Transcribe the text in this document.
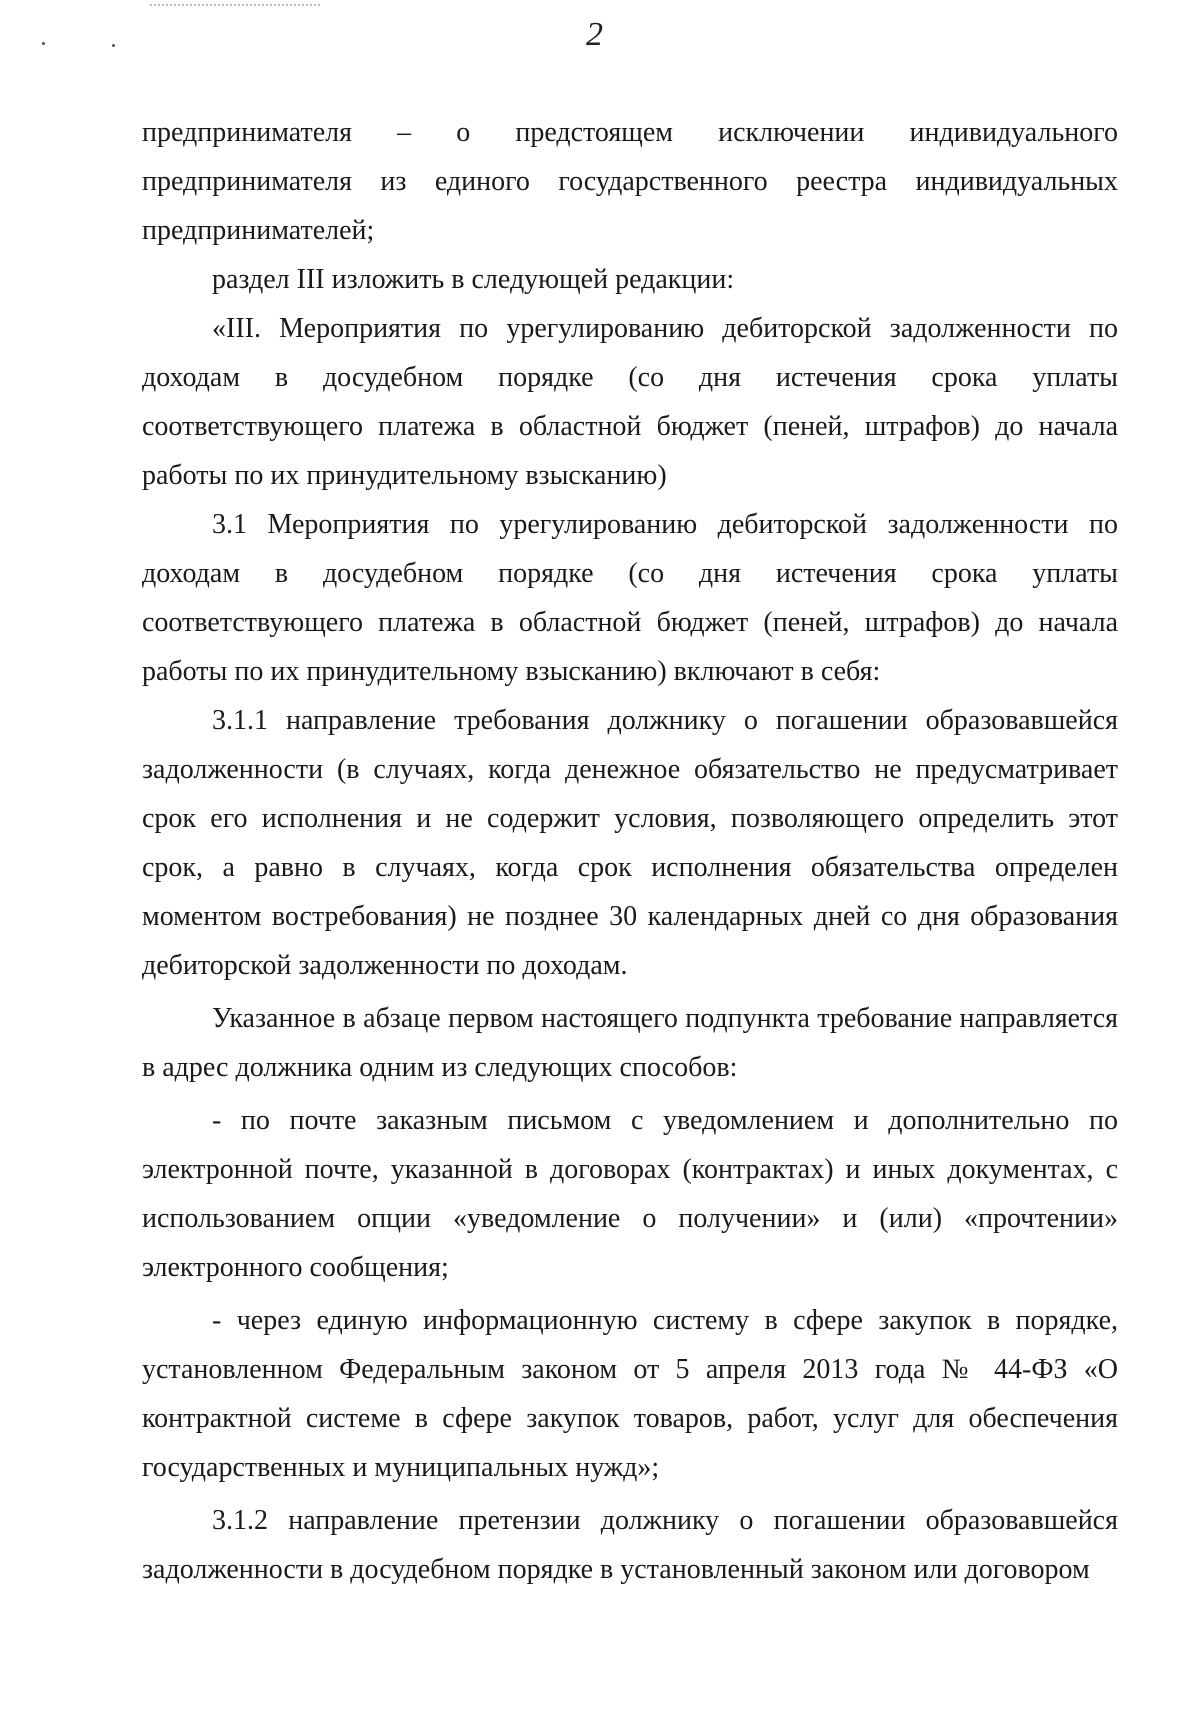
2

предпринимателя – о предстоящем исключении индивидуального предпринимателя из единого государственного реестра индивидуальных предпринимателей;

раздел III изложить в следующей редакции:

«III. Мероприятия по урегулированию дебиторской задолженности по доходам в досудебном порядке (со дня истечения срока уплаты соответствующего платежа в областной бюджет (пеней, штрафов) до начала работы по их принудительному взысканию)

3.1 Мероприятия по урегулированию дебиторской задолженности по доходам в досудебном порядке (со дня истечения срока уплаты соответствующего платежа в областной бюджет (пеней, штрафов) до начала работы по их принудительному взысканию) включают в себя:

3.1.1 направление требования должнику о погашении образовавшейся задолженности (в случаях, когда денежное обязательство не предусматривает срок его исполнения и не содержит условия, позволяющего определить этот срок, а равно в случаях, когда срок исполнения обязательства определен моментом востребования) не позднее 30 календарных дней со дня образования дебиторской задолженности по доходам.

Указанное в абзаце первом настоящего подпункта требование направляется в адрес должника одним из следующих способов:

- по почте заказным письмом с уведомлением и дополнительно по электронной почте, указанной в договорах (контрактах) и иных документах, с использованием опции «уведомление о получении» и (или) «прочтении» электронного сообщения;

- через единую информационную систему в сфере закупок в порядке, установленном Федеральным законом от 5 апреля 2013 года № 44-ФЗ «О контрактной системе в сфере закупок товаров, работ, услуг для обеспечения государственных и муниципальных нужд»;

3.1.2 направление претензии должнику о погашении образовавшейся задолженности в досудебном порядке в установленный законом или договором
